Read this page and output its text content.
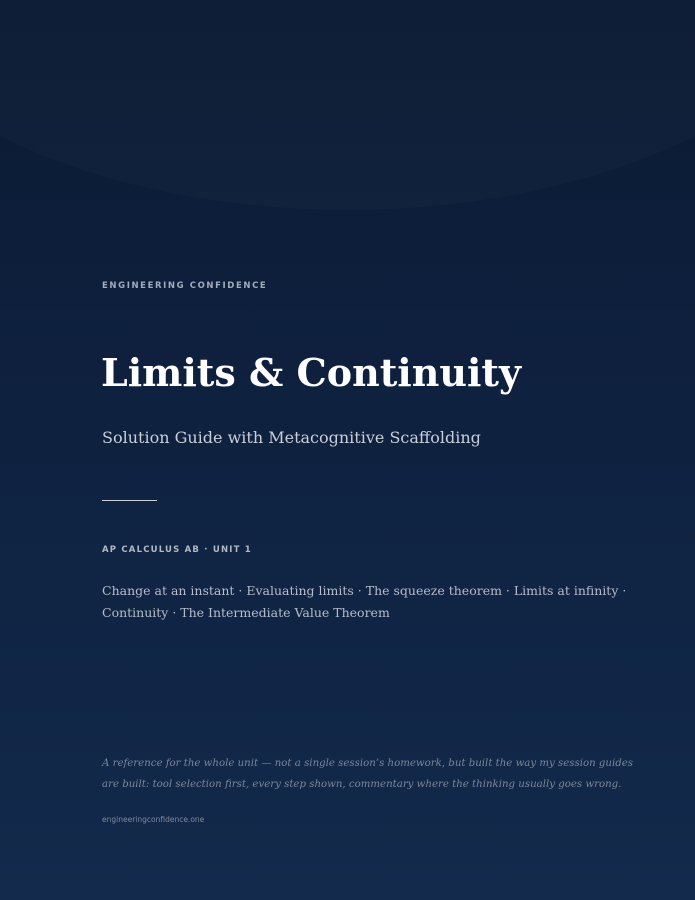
ENGINEERING CONFIDENCE

Limits & Continuity

Solution Guide with Metacognitive Scaffolding

AP CALCULUS AB · UNIT 1

Change at an instant · Evaluating limits · The squeeze theorem · Limits at infinity ·
Continuity · The Intermediate Value Theorem

A reference for the whole unit — not a single session’s homework, but built the way my session guides
are built: tool selection first, every step shown, commentary where the thinking usually goes wrong.

engineeringconfidence.one
